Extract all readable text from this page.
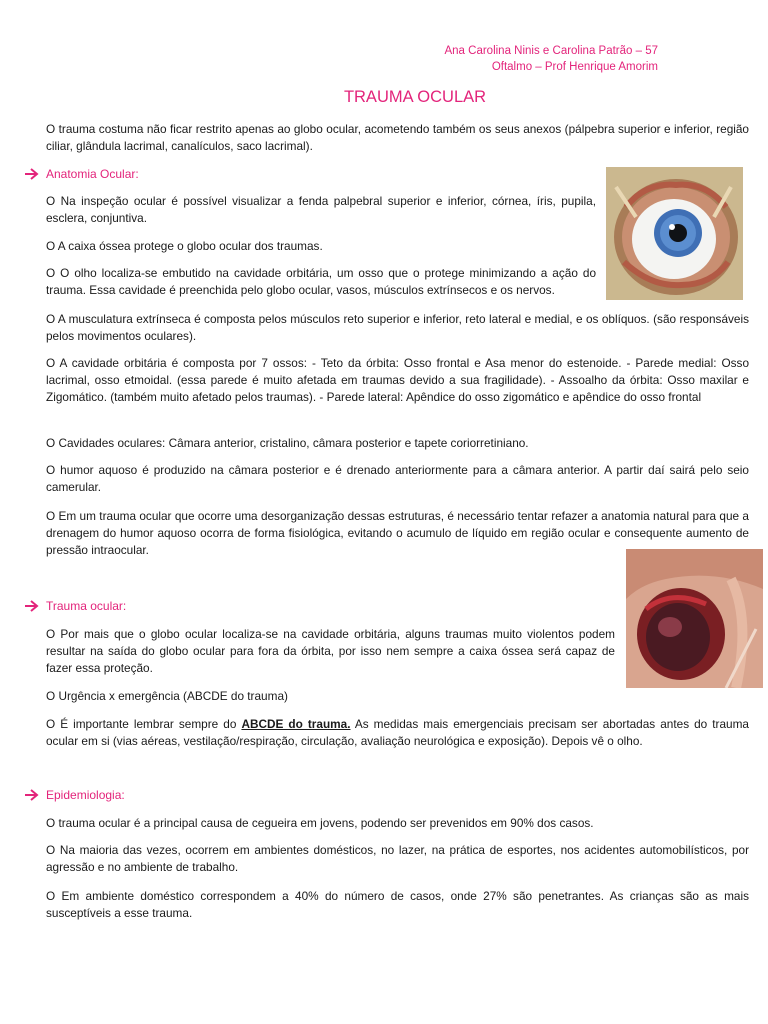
Ana Carolina Ninis e Carolina Patrão – 57
Oftalmo – Prof Henrique Amorim
TRAUMA OCULAR
O trauma costuma não ficar restrito apenas ao globo ocular, acometendo também os seus anexos (pálpebra superior e inferior, região ciliar, glândula lacrimal, canalículos, saco lacrimal).
Anatomia Ocular:
O Na inspeção ocular é possível visualizar a fenda palpebral superior e inferior, córnea, íris, pupila, esclera, conjuntiva.
O A caixa óssea protege o globo ocular dos traumas.
O O olho localiza-se embutido na cavidade orbitária, um osso que o protege minimizando a ação do trauma. Essa cavidade é preenchida pelo globo ocular, vasos, músculos extrínsecos e os nervos.
O A musculatura extrínseca é composta pelos músculos reto superior e inferior, reto lateral e medial, e os oblíquos. (são responsáveis pelos movimentos oculares).
O A cavidade orbitária é composta por 7 ossos: - Teto da órbita: Osso frontal e Asa menor do estenoide. - Parede medial: Osso lacrimal, osso etmoidal. (essa parede é muito afetada em traumas devido a sua fragilidade). - Assoalho da órbita: Osso maxilar e Zigomático. (também muito afetado pelos traumas). - Parede lateral: Apêndice do osso zigomático e apêndice do osso frontal
O Cavidades oculares: Câmara anterior, cristalino, câmara posterior e tapete coriorretiniano.
O humor aquoso é produzido na câmara posterior e é drenado anteriormente para a câmara anterior. A partir daí sairá pelo seio camerular.
O Em um trauma ocular que ocorre uma desorganização dessas estruturas, é necessário tentar refazer a anatomia natural para que a drenagem do humor aquoso ocorra de forma fisiológica, evitando o acumulo de líquido em região ocular e consequente aumento de pressão intraocular.
Trauma ocular:
O Por mais que o globo ocular localiza-se na cavidade orbitária, alguns traumas muito violentos podem resultar na saída do globo ocular para fora da órbita, por isso nem sempre a caixa óssea será capaz de fazer essa proteção.
O Urgência x emergência (ABCDE do trauma)
O É importante lembrar sempre do ABCDE do trauma. As medidas mais emergenciais precisam ser abortadas antes do trauma ocular em si (vias aéreas, vestilação/respiração, circulação, avaliação neurológica e exposição). Depois vê o olho.
Epidemiologia:
O trauma ocular é a principal causa de cegueira em jovens, podendo ser prevenidos em 90% dos casos.
O Na maioria das vezes, ocorrem em ambientes domésticos, no lazer, na prática de esportes, nos acidentes automobilísticos, por agressão e no ambiente de trabalho.
O Em ambiente doméstico correspondem a 40% do número de casos, onde 27% são penetrantes. As crianças são as mais susceptíveis a esse trauma.
